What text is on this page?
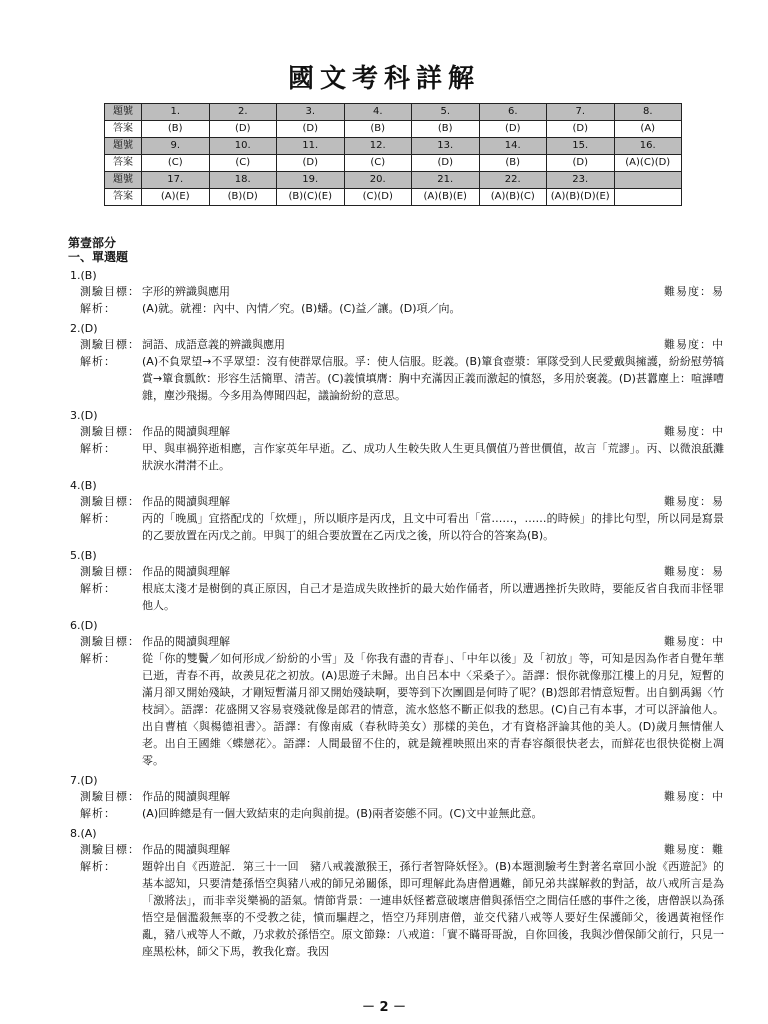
國文考科詳解
題號	1.	2.	3.	4.	5.	6.	7.	8.
答案	(B)	(D)	(D)	(B)	(B)	(D)	(D)	(A)
題號	9.	10.	11.	12.	13.	14.	15.	16.
答案	(C)	(C)	(D)	(C)	(D)	(B)	(D)	(A)(C)(D)
題號	17.	18.	19.	20.	21.	22.	23.	
答案	(A)(E)	(B)(D)	(B)(C)(E)	(C)(D)	(A)(B)(E)	(A)(B)(C)	(A)(B)(D)(E)	
第壹部分
一、單選題
1.(B)
測驗目標： 字形的辨識與應用	難易度：易
解析：	(A)就。就裡：內中、內情／究。(B)蟠。(C)益／讓。(D)項／向。
2.(D)
測驗目標： 詞語、成語意義的辨識與應用	難易度：中
解析：	(A)不負眾望→不孚眾望：沒有使群眾信服。孚：使人信服。貶義。(B)簞食壺漿：軍隊受到人民愛戴與擁護，紛紛慰勞犒賞→簞食瓢飲：形容生活簡單、清苦。(C)義憤填膺：胸中充滿因正義而激起的憤怒，多用於褒義。(D)甚囂塵上：喧譁嘈雜，塵沙飛揚。今多用為傳聞四起，議論紛紛的意思。
3.(D)
測驗目標： 作品的閱讀與理解	難易度：中
解析：	甲、與車禍猝逝相應，言作家英年早逝。乙、成功人生較失敗人生更具價值乃普世價值，故言「荒謬」。丙、以微浪舐灘狀淚水潸潸不止。
4.(B)
測驗目標： 作品的閱讀與理解	難易度：易
解析：	丙的「晚風」宜搭配戊的「炊煙」，所以順序是丙戊，且文中可看出「當……，……的時候」的排比句型，所以同是寫景的乙要放置在丙戊之前。甲與丁的組合要放置在乙丙戊之後，所以符合的答案為(B)。
5.(B)
測驗目標： 作品的閱讀與理解	難易度：易
解析：	根底太淺才是樹倒的真正原因，自己才是造成失敗挫折的最大始作俑者，所以遭遇挫折失敗時，要能反省自我而非怪罪他人。
6.(D)
測驗目標： 作品的閱讀與理解	難易度：中
解析：	從「你的雙鬢／如何形成／紛紛的小雪」及「你我有盡的青春」、「中年以後」及「初放」等，可知是因為作者自覺年華已逝，青春不再，故羨見花之初放。(A)思遊子未歸。出自呂本中〈采桑子〉。語譯：恨你就像那江樓上的月兒，短暫的滿月卻又開始殘缺，才剛短暫滿月卻又開始殘缺啊，要等到下次團圓是何時了呢？(B)怨郎君情意短暫。出自劉禹錫〈竹枝詞〉。語譯：花盛開又容易衰殘就像是郎君的情意，流水悠悠不斷正似我的愁思。(C)自己有本事，才可以評論他人。出自曹植〈與楊德祖書〉。語譯：有像南威（春秋時美女）那樣的美色，才有資格評論其他的美人。(D)歲月無情催人老。出自王國維〈蝶戀花〉。語譯：人間最留不住的，就是鏡裡映照出來的青春容顏很快老去，而鮮花也很快從樹上凋零。
7.(D)
測驗目標： 作品的閱讀與理解	難易度：中
解析：	(A)回眸總是有一個大致結束的走向與前提。(B)兩者姿態不同。(C)文中並無此意。
8.(A)
測驗目標： 作品的閱讀與理解	難易度：難
解析：	題幹出自《西遊記．第三十一回　豬八戒義激猴王，孫行者智降妖怪》。(B)本題測驗考生對著名章回小說《西遊記》的基本認知，只要清楚孫悟空與豬八戒的師兄弟關係，即可理解此為唐僧遇難，師兄弟共謀解救的對話，故八戒所言是為「激將法」，而非幸災樂禍的語氣。情節背景：一連串妖怪蓄意破壞唐僧與孫悟空之間信任感的事件之後，唐僧誤以為孫悟空是個濫殺無辜的不受教之徒，憤而驅趕之，悟空乃拜別唐僧，並交代豬八戒等人要好生保護師父，後遇黃袍怪作亂，豬八戒等人不敵，乃求救於孫悟空。原文節錄：八戒道：「實不瞞哥哥說，自你回後，我與沙僧保師父前行，只見一座黑松林，師父下馬，教我化齋。我因
－ 2 －
